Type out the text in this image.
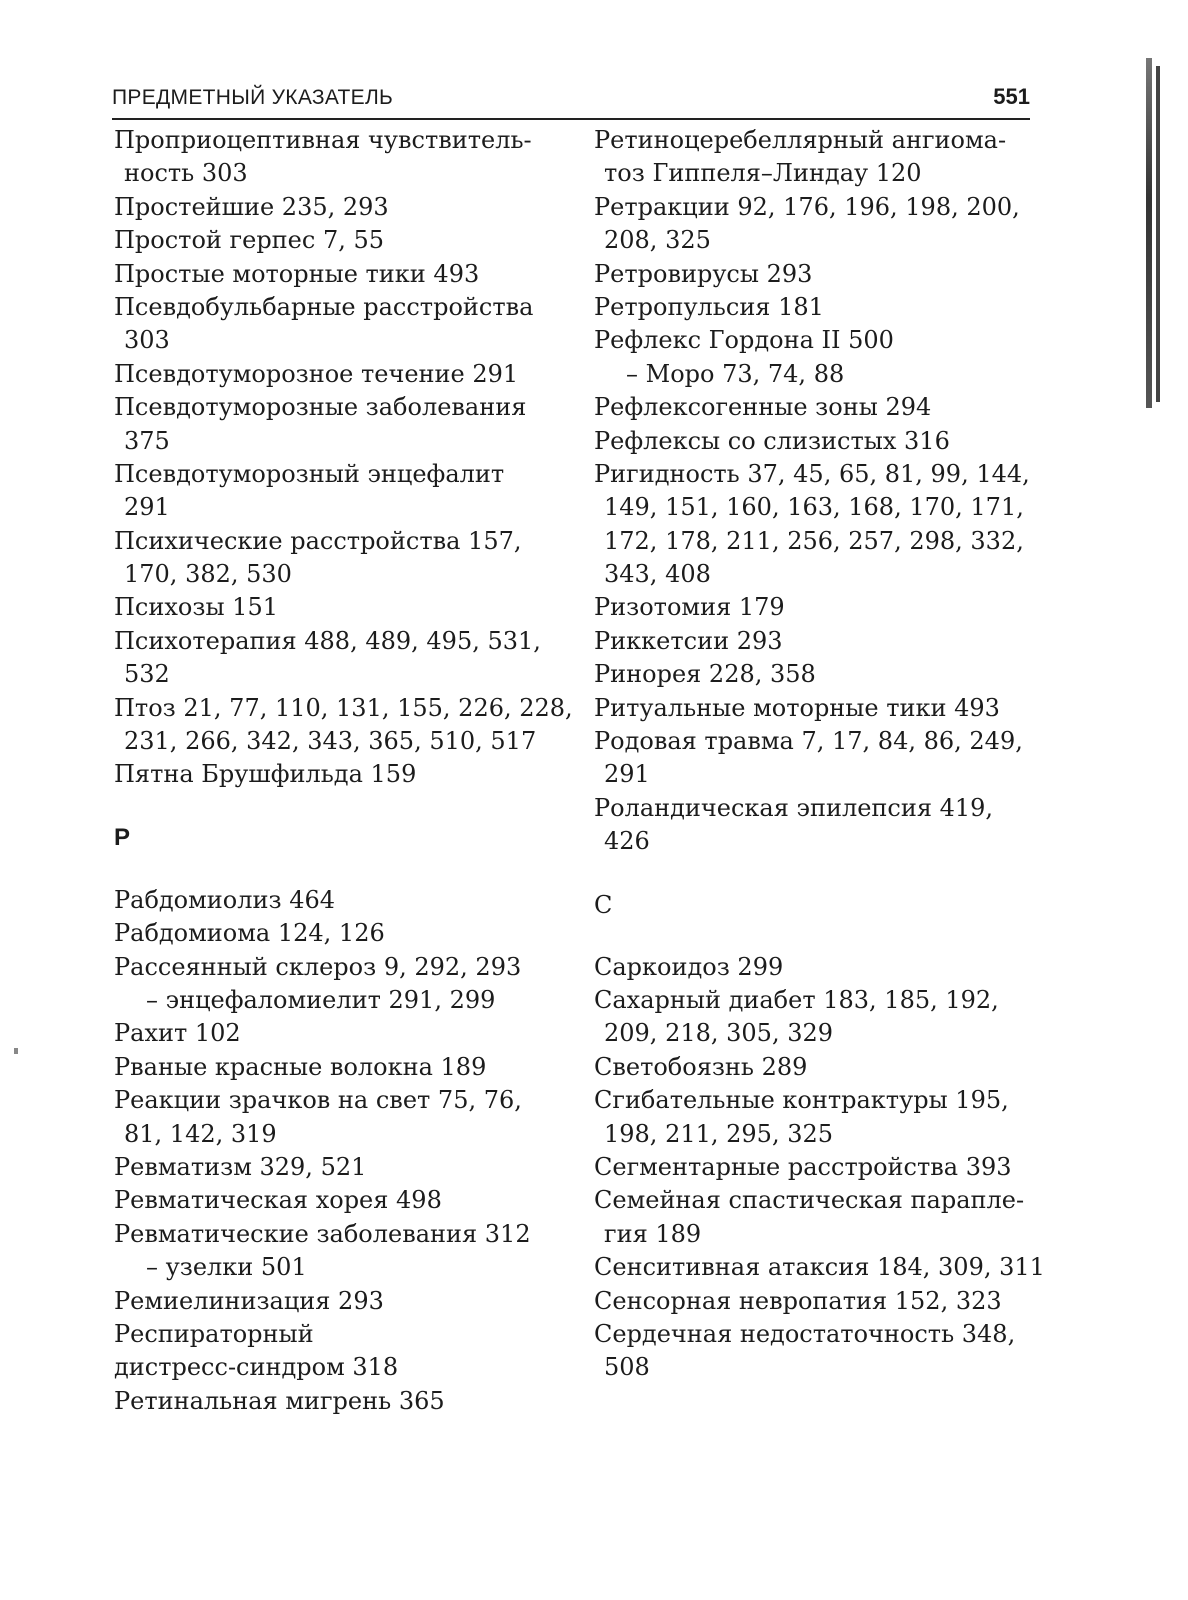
ПРЕДМЕТНЫЙ УКАЗАТЕЛЬ	551
Проприоцептивная чувствитель-
ность 303
Простейшие 235, 293
Простой герпес 7, 55
Простые моторные тики 493
Псевдобульбарные расстройства
303
Псевдотуморозное течение 291
Псевдотуморозные заболевания
375
Псевдотуморозный энцефалит
291
Психические расстройства 157,
170, 382, 530
Психозы 151
Психотерапия 488, 489, 495, 531,
532
Птоз 21, 77, 110, 131, 155, 226, 228,
231, 266, 342, 343, 365, 510, 517
Пятна Брушфильда 159
Р
Рабдомиолиз 464
Рабдомиома 124, 126
Рассеянный склероз 9, 292, 293
– энцефаломиелит 291, 299
Рахит 102
Рваные красные волокна 189
Реакции зрачков на свет 75, 76,
81, 142, 319
Ревматизм 329, 521
Ревматическая хорея 498
Ревматические заболевания 312
– узелки 501
Ремиелинизация 293
Респираторный
дистресс-синдром 318
Ретинальная мигрень 365
Ретиноцеребеллярный ангиома-
тоз Гиппеля–Линдау 120
Ретракции 92, 176, 196, 198, 200,
208, 325
Ретровирусы 293
Ретропульсия 181
Рефлекс Гордона II 500
– Моро 73, 74, 88
Рефлексогенные зоны 294
Рефлексы со слизистых 316
Ригидность 37, 45, 65, 81, 99, 144,
149, 151, 160, 163, 168, 170, 171,
172, 178, 211, 256, 257, 298, 332,
343, 408
Ризотомия 179
Риккетсии 293
Ринорея 228, 358
Ритуальные моторные тики 493
Родовая травма 7, 17, 84, 86, 249,
291
Роландическая эпилепсия 419,
426
С
Саркоидоз 299
Сахарный диабет 183, 185, 192,
209, 218, 305, 329
Светобоязнь 289
Сгибательные контрактуры 195,
198, 211, 295, 325
Сегментарные расстройства 393
Семейная спастическая параплe-
гия 189
Сенситивная атаксия 184, 309, 311
Сенсорная невропатия 152, 323
Сердечная недостаточность 348,
508
